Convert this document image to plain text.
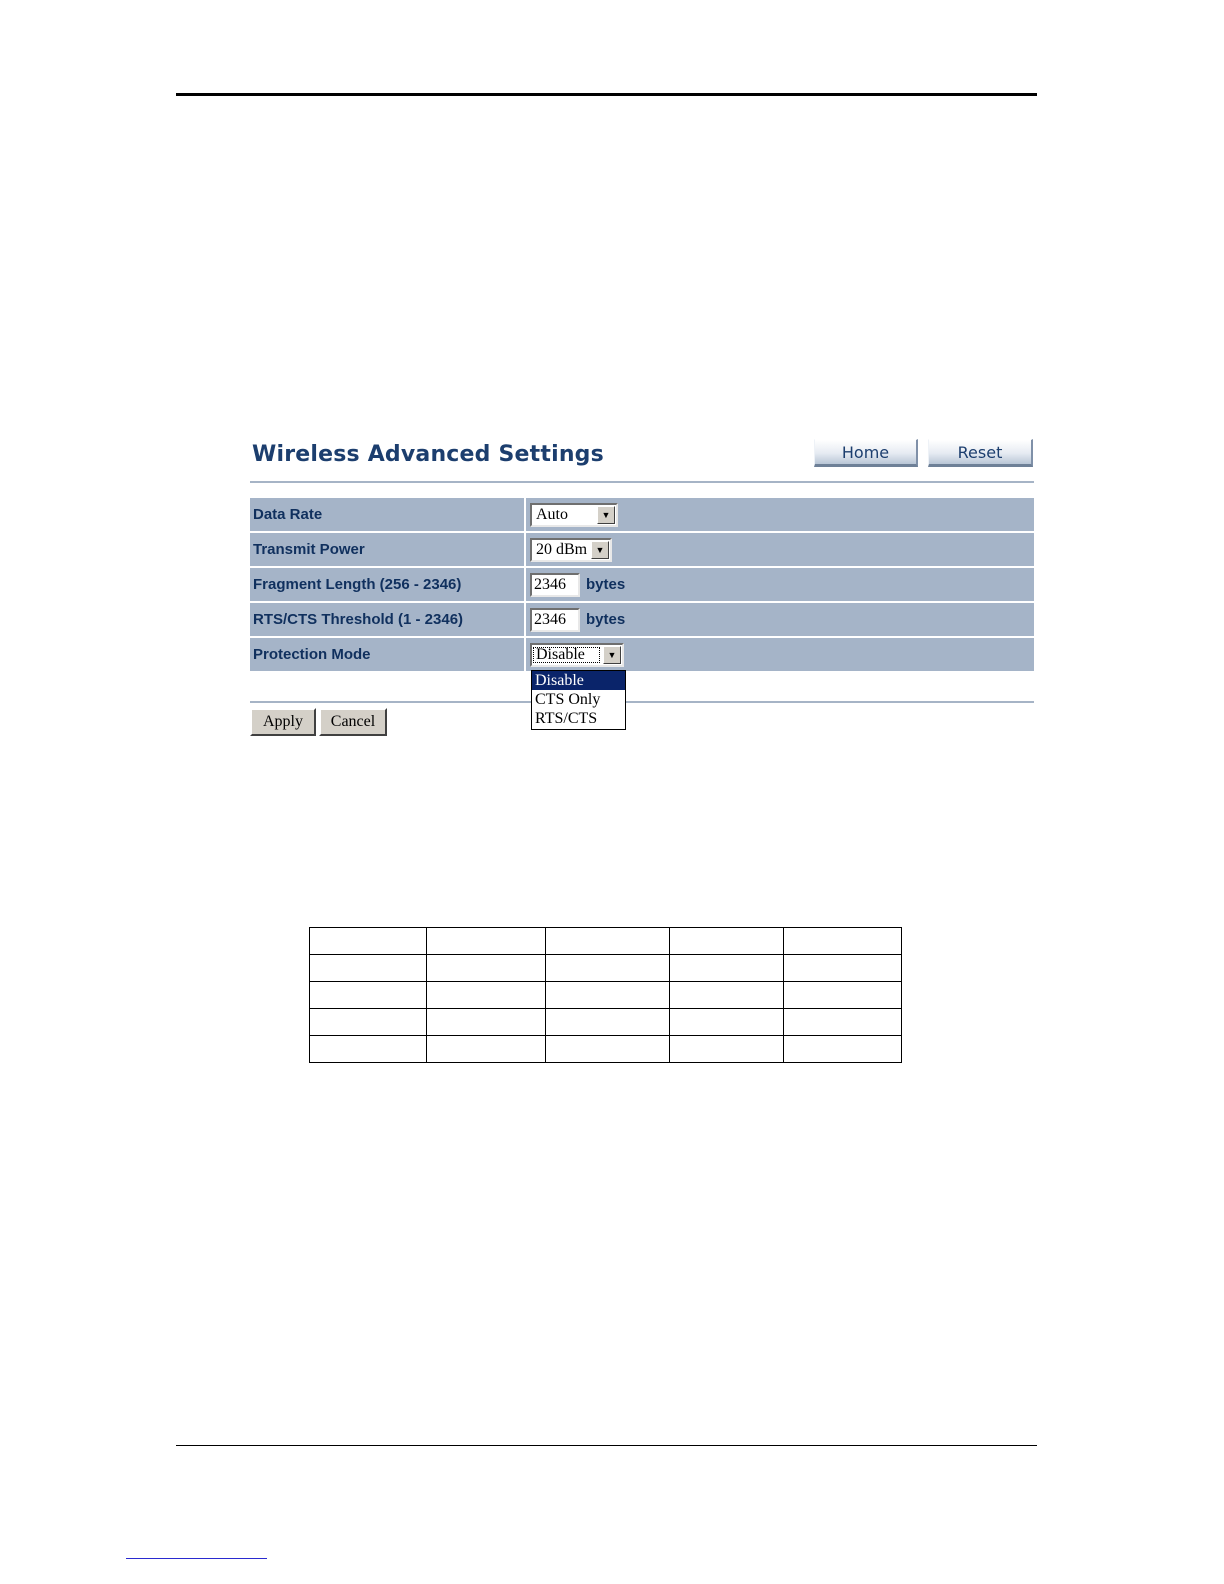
Wireless Advanced Settings	Home	Reset
Data Rate	Auto	▼
Transmit Power	20 dBm ▼
Fragment Length (256 - 2346)	2346	bytes
RTS/CTS Threshold (1 - 2346)	2346	bytes
Protection Mode	Disable	▼
Disable
CTS Only
RTS/CTS
Apply	Cancel
